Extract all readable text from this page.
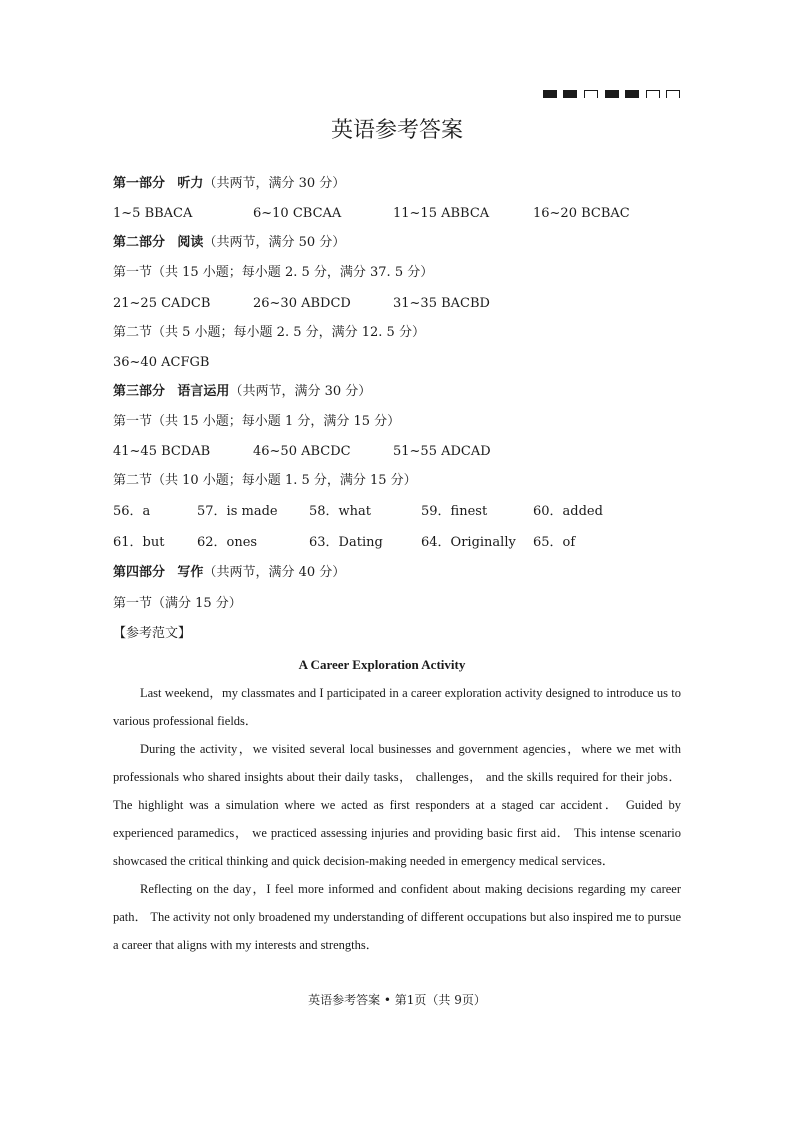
英语参考答案
第一部分 听力（共两节，满分 30 分）
1~5 BBACA	6~10 CBCAA	11~15 ABBCA	16~20 BCBAC
第二部分 阅读（共两节，满分 50 分）
第一节（共 15 小题；每小题 2. 5 分，满分 37. 5 分）
21~25 CADCB	26~30 ABDCD	31~35 BACBD
第二节（共 5 小题；每小题 2. 5 分，满分 12. 5 分）
36~40 ACFGB
第三部分 语言运用（共两节，满分 30 分）
第一节（共 15 小题；每小题 1 分，满分 15 分）
41~45 BCDAB	46~50 ABCDC	51~55 ADCAD
第二节（共 10 小题；每小题 1. 5 分，满分 15 分）
56．a	57．is made 58．what	59．finest	60．added
61．but	62．ones	63．Dating	64．Originally 65．of
第四部分 写作（共两节，满分 40 分）
第一节（满分 15 分）
【参考范文】
A Career Exploration Activity

Last weekend，my classmates and I participated in a career exploration activity designed to introduce us to various professional fields．

During the activity，we visited several local businesses and government agencies，where we met with professionals who shared insights about their daily tasks， challenges， and the skills required for their jobs． The highlight was a simulation where we acted as first responders at a staged car accident． Guided by experienced paramedics， we practiced assessing injuries and providing basic first aid． This intense scenario showcased the critical thinking and quick decision-making needed in emergency medical services．

Reflecting on the day，I feel more informed and confident about making decisions regarding my career path． The activity not only broadened my understanding of different occupations but also inspired me to pursue a career that aligns with my interests and strengths．

英语参考答案 • 第1页（共 9页）
